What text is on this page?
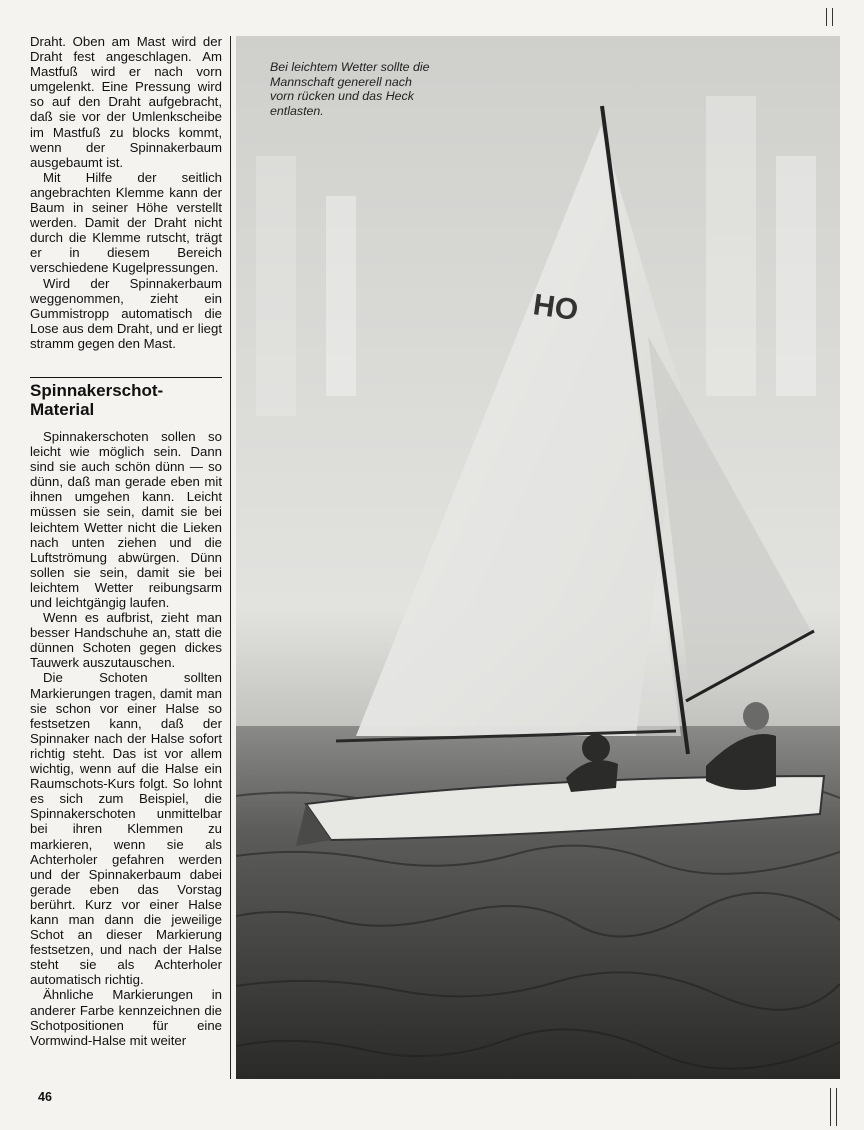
Draht. Oben am Mast wird der Draht fest angeschlagen. Am Mastfuß wird er nach vorn umgelenkt. Eine Pressung wird so auf den Draht aufgebracht, daß sie vor der Umlenkscheibe im Mastfuß zu blocks kommt, wenn der Spinnakerbaum ausgebaumt ist.

Mit Hilfe der seitlich angebrachten Klemme kann der Baum in seiner Höhe verstellt werden. Damit der Draht nicht durch die Klemme rutscht, trägt er in diesem Bereich verschiedene Kugelpressungen.

Wird der Spinnakerbaum weggenommen, zieht ein Gummistropp automatisch die Lose aus dem Draht, und er liegt stramm gegen den Mast.

Spinnakerschot-Material

Spinnakerschoten sollen so leicht wie möglich sein. Dann sind sie auch schön dünn — so dünn, daß man gerade eben mit ihnen umgehen kann. Leicht müssen sie sein, damit sie bei leichtem Wetter nicht die Lieken nach unten ziehen und die Luftströmung abwürgen. Dünn sollen sie sein, damit sie bei leichtem Wetter reibungsarm und leichtgängig laufen.

Wenn es aufbrist, zieht man besser Handschuhe an, statt die dünnen Schoten gegen dickes Tauwerk auszutauschen.

Die Schoten sollten Markierungen tragen, damit man sie schon vor einer Halse so festsetzen kann, daß der Spinnaker nach der Halse sofort richtig steht. Das ist vor allem wichtig, wenn auf die Halse ein Raumschots-Kurs folgt. So lohnt es sich zum Beispiel, die Spinnakerschoten unmittelbar bei ihren Klemmen zu markieren, wenn sie als Achterholer gefahren werden und der Spinnakerbaum dabei gerade eben das Vorstag berührt. Kurz vor einer Halse kann man dann die jeweilige Schot an dieser Markierung festsetzen, und nach der Halse steht sie als Achterholer automatisch richtig.

Ähnliche Markierungen in anderer Farbe kennzeichnen die Schotpositionen für eine Vormwind-Halse mit weiter

HO
Bei leichtem Wetter sollte die Mannschaft generell nach vorn rücken und das Heck entlasten.
46
